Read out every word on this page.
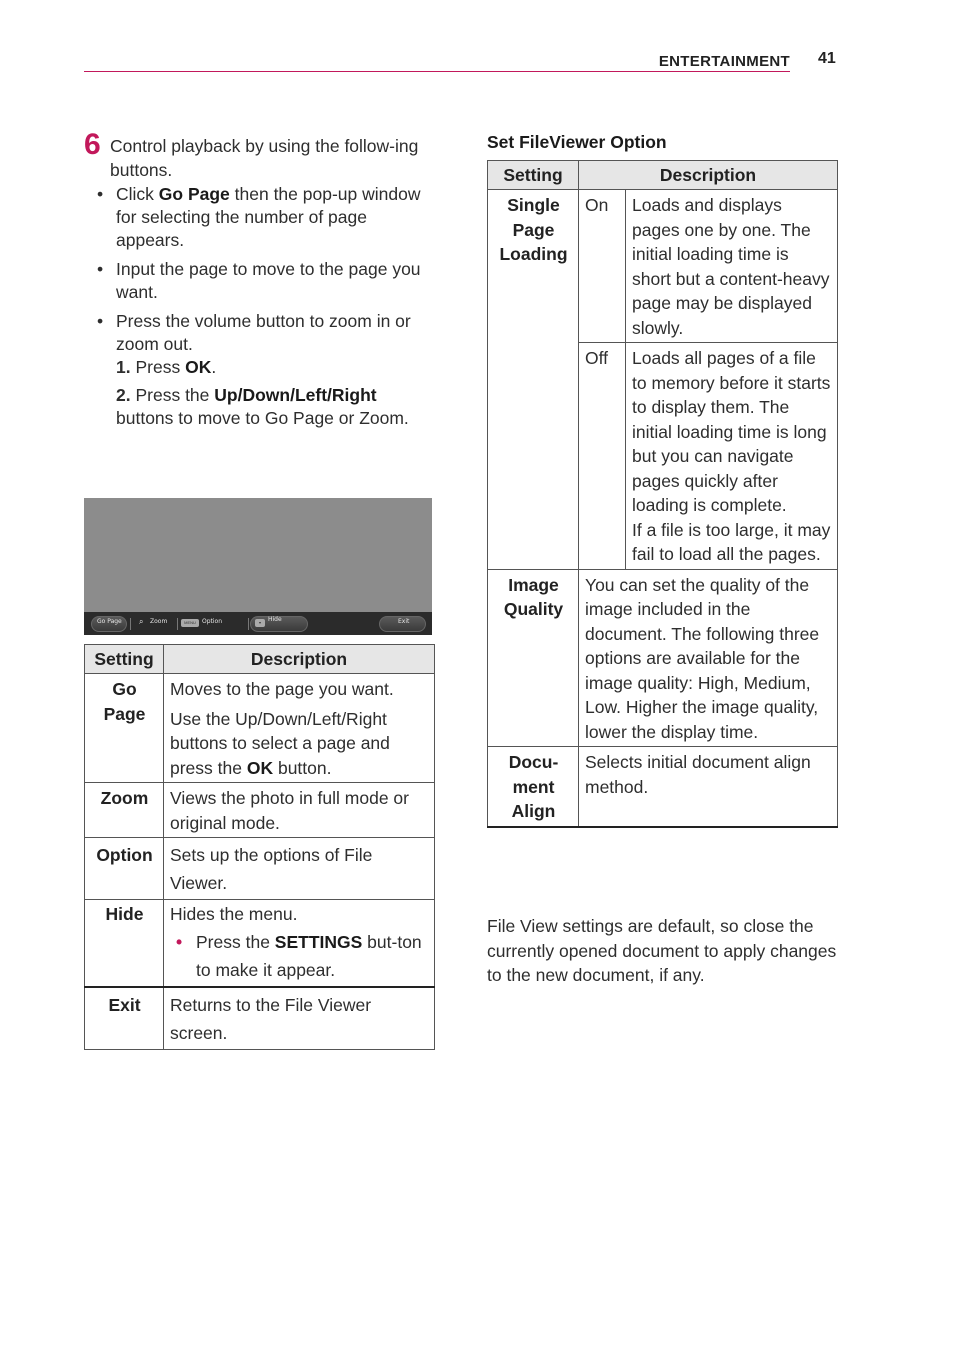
ENTERTAINMENT 41
6 Control playback by using the follow-ing buttons.
• Click Go Page then the pop-up window for selecting the number of page appears.
• Input the page to move to the page you want.
• Press the volume button to zoom in or zoom out.
1. Press OK.
2. Press the Up/Down/Left/Right buttons to move to Go Page or Zoom.
Go Page ⌕ Zoom	MENU	Option	▾	Hide	Exit
Setting	Description
Go Page	Moves to the page you want.
Use the Up/Down/Left/Right buttons to select a page and press the OK button.

Zoom	Views the photo in full mode or original mode.
Option	Sets up the options of File Viewer.
Hide	Hides the menu.
• Press the SETTINGS but-ton to make it appear.

Exit	Returns to the File Viewer screen.
Set FileViewer Option
Setting	Description	
Single Page Loading	On	Loads and displays pages one by one. The initial loading time is short but a content-heavy page may be displayed slowly.
	Off	Loads all pages of a file to memory before it starts to display them. The initial loading time is long but you can navigate pages quickly after loading is complete.
If a file is too large, it may fail to load all the pages.

Image Quality	You can set the quality of the image included in the document. The following three options are available for the image quality: High, Medium, Low. Higher the image quality, lower the display time.	
Docu-ment Align	Selects initial document align method.	
File View settings are default, so close the currently opened document to apply changes to the new document, if any.
